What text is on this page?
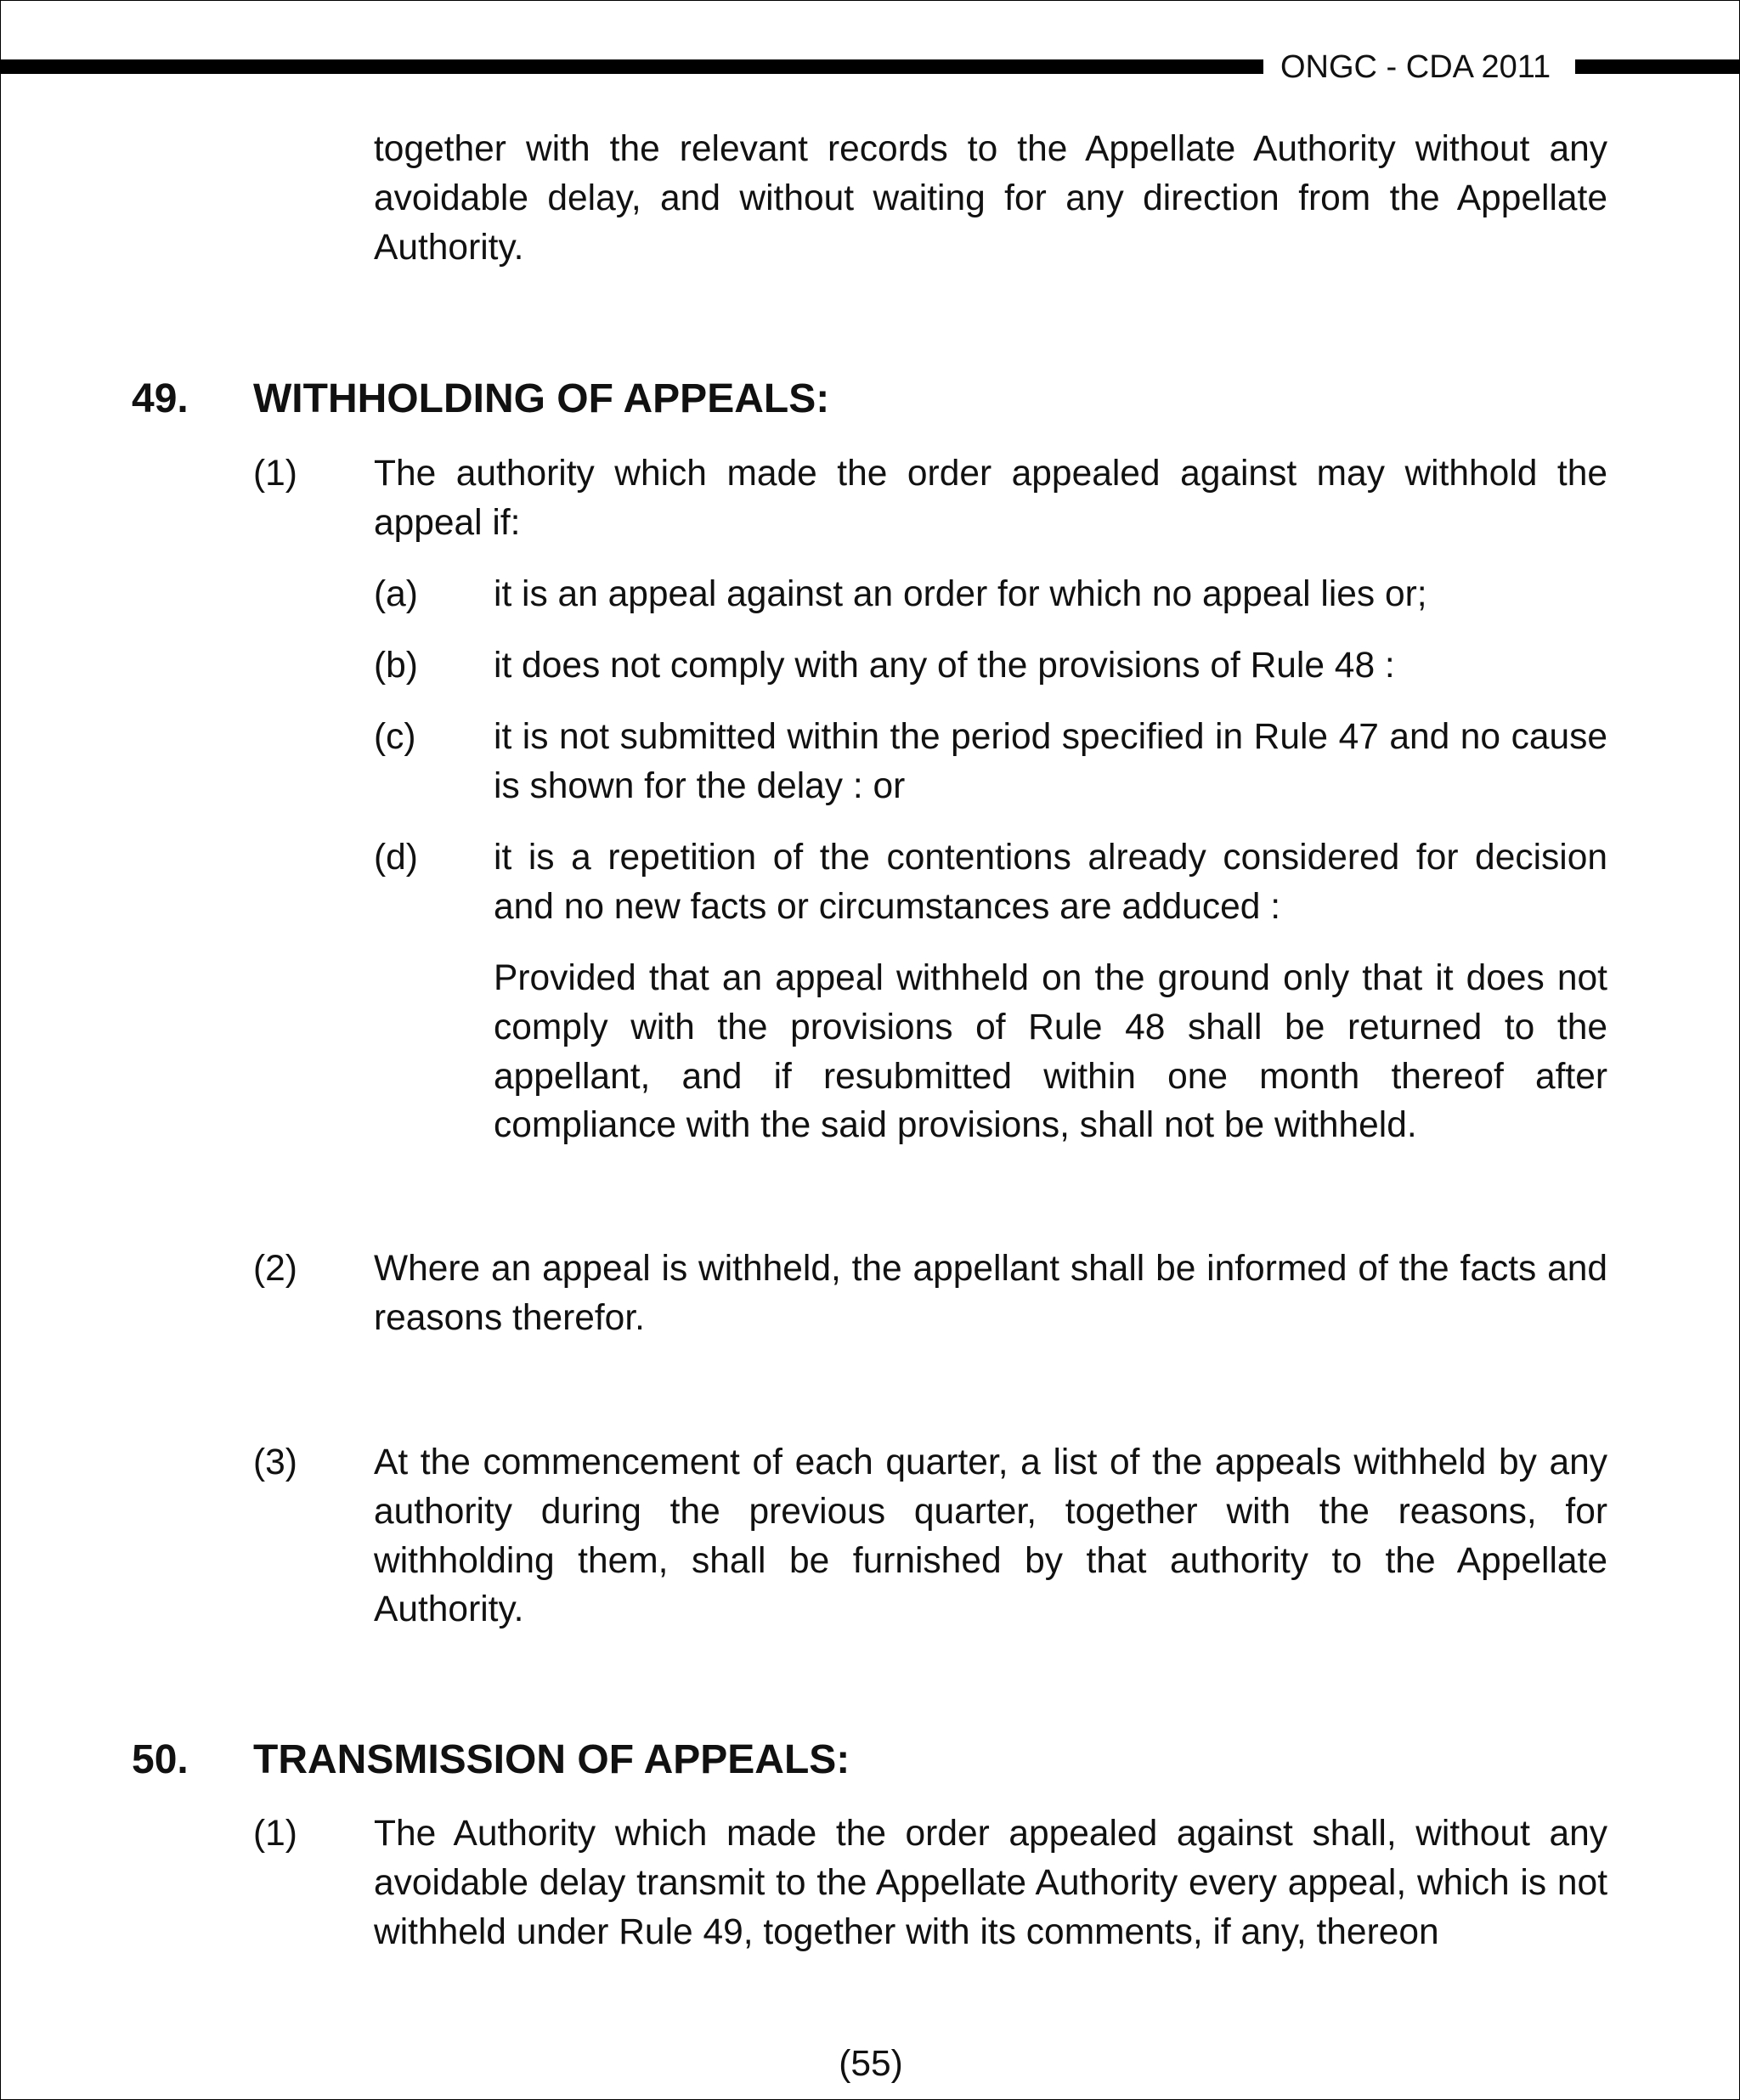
ONGC - CDA 2011
together with the relevant records to the Appellate Authority without any avoidable delay, and without waiting for any direction from the Appellate Authority.
49. WITHHOLDING OF APPEALS:
(1) The authority which made the order appealed against may withhold the appeal if:
(a) it is an appeal against an order for which no appeal lies or;
(b) it does not comply with any of the provisions of Rule 48 :
(c) it is not submitted within the period specified in Rule 47 and no cause is shown for the delay : or
(d) it is a repetition of the contentions already considered for decision and no new facts or circumstances are adduced :
Provided that an appeal withheld on the ground only that it does not comply with the provisions of Rule 48 shall be returned to the appellant, and if resubmitted within one month thereof after compliance with the said provisions, shall not be withheld.
(2) Where an appeal is withheld, the appellant shall be informed of the facts and reasons therefor.
(3) At the commencement of each quarter, a list of the appeals withheld by any authority during the previous quarter, together with the reasons, for withholding them, shall be furnished by that authority to the Appellate Authority.
50. TRANSMISSION OF APPEALS:
(1) The Authority which made the order appealed against shall, without any avoidable delay transmit to the Appellate Authority every appeal, which is not withheld under Rule 49, together with its comments, if any, thereon
(55)
